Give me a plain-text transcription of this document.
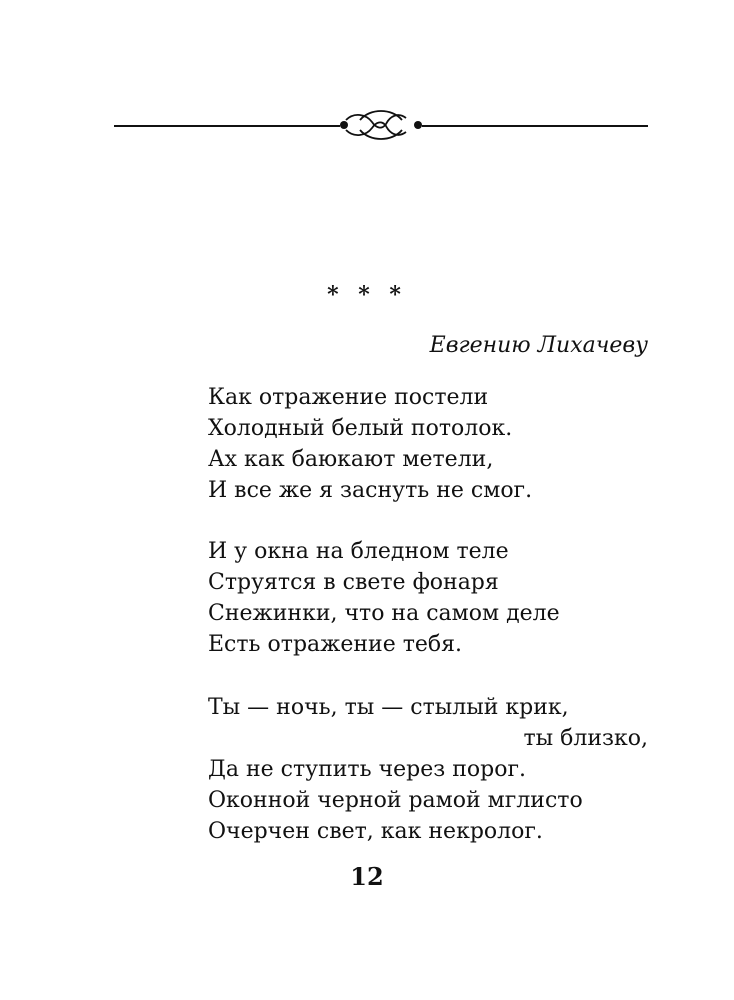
* * *
Евгению Лихачеву
Как отражение постели
Холодный белый потолок.
Ах как баюкают метели,
И все же я заснуть не смог.
И у окна на бледном теле
Струятся в свете фонаря
Снежинки, что на самом деле
Есть отражение тебя.
Ты — ночь, ты — стылый крик,
ты близко,
Да не ступить через порог.
Оконной черной рамой мглисто
Очерчен свет, как некролог.
12
